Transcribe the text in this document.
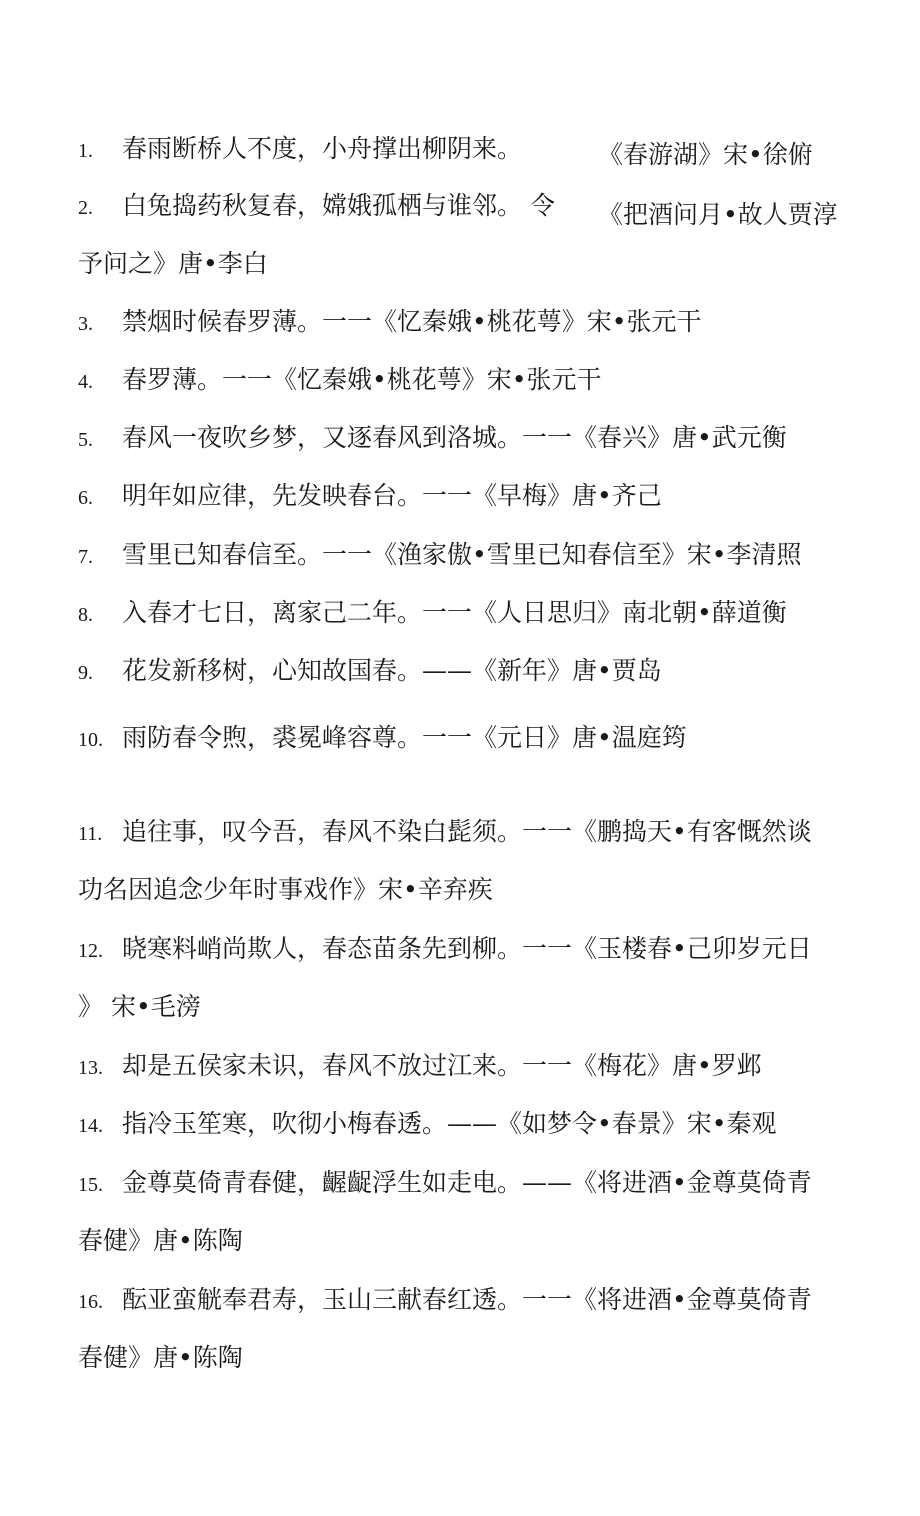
1. 春雨断桥人不度，小舟撑出柳阴来。	《春游湖》宋•徐俯
2. 白兔捣药秋复春，嫦娥孤栖与谁邻。 令 《把酒问月•故人贾淳
予问之》唐•李白
3. 禁烟时候春罗薄。一一《忆秦娥•桃花萼》宋•张元干
4. 春罗薄。一一《忆秦娥•桃花萼》宋•张元干
5. 春风一夜吹乡梦，又逐春风到洛城。一一《春兴》唐•武元衡
6. 明年如应律，先发映春台。一一《早梅》唐•齐己
7. 雪里已知春信至。一一《渔家傲•雪里已知春信至》宋•李清照
8. 入春才七日，离家己二年。一一《人日思归》南北朝•薛道衡
9. 花发新移树，心知故国春。——《新年》唐•贾岛
10. 雨防春令煦，裘冕峰容尊。一一《元日》唐•温庭筠
11. 追往事，叹今吾，春风不染白髭须。一一《鹏捣天•有客慨然谈
功名因追念少年时事戏作》宋•辛弃疾
12. 晓寒料峭尚欺人，春态苗条先到柳。一一《玉楼春•己卯岁元日
》 宋•毛滂
13. 却是五侯家未识，春风不放过江来。一一《梅花》唐•罗邺
14. 指冷玉笙寒，吹彻小梅春透。——《如梦令•春景》宋•秦观
15. 金尊莫倚青春健，齷齪浮生如走电。——《将进酒•金尊莫倚青
春健》唐•陈陶
16. 酝亚蛮觥奉君寿，玉山三献春红透。一一《将进酒•金尊莫倚青
春健》唐•陈陶
